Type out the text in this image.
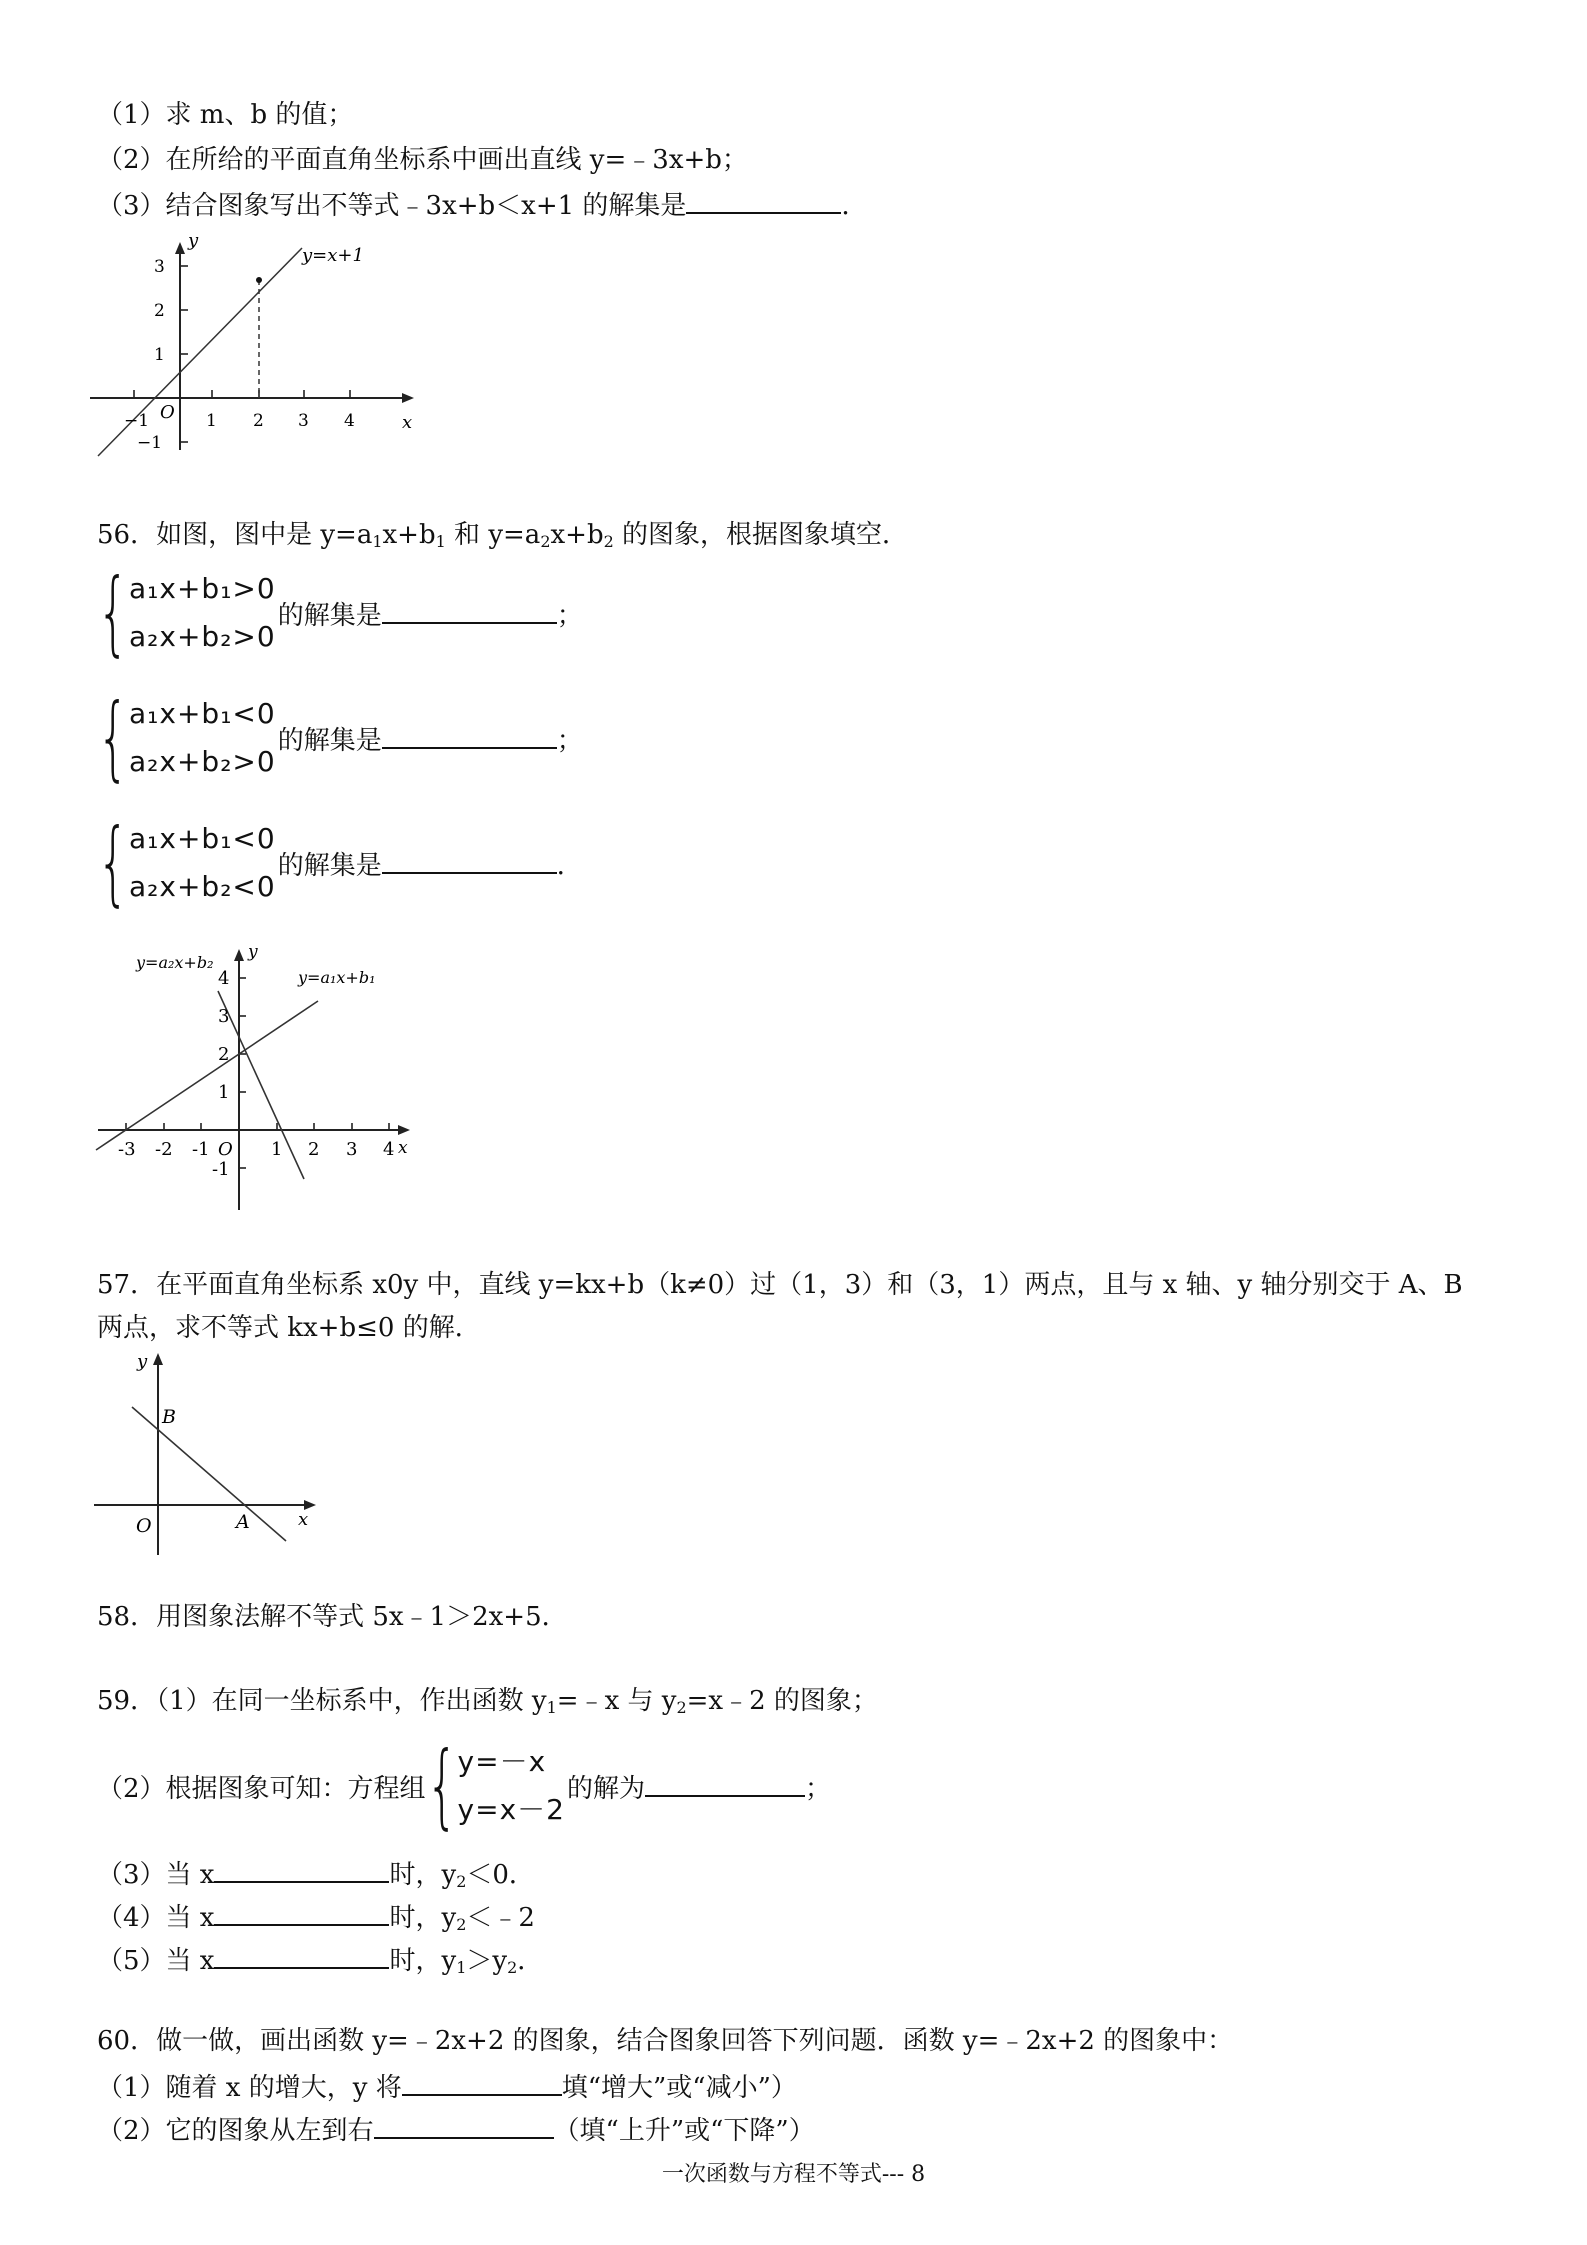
（1）求 m、b 的值；
（2）在所给的平面直角坐标系中画出直线 y=﹣3x+b；
（3）结合图象写出不等式﹣3x+b＜x+1 的解集是	．
y=x+1
y
x
O
−1	1 2 3 4
1
2
3
−1
56．如图，图中是 $y=a_1x+b_1$ 和 $y=a_2x+b_2$ 的图象，根据图象填空．
{ a₁x+b₁>0
a₂x+b₂>0
的解集是	；
{ a₁x+b₁<0
a₂x+b₂>0
的解集是	；
{ a₁x+b₁<0
a₂x+b₂<0
的解集是	．
y=a₂x+b₂
y=a₁x+b₁
y
x
O
-3 -2 -1	1 2 3 4
1
2
3
4
-1
57．在平面直角坐标系 x0y 中，直线 y=kx+b（k≠0）过（1，3）和（3，1）两点，且与 x 轴、y 轴分别交于 A、B
两点，求不等式 kx+b≤0 的解．
y
x
O	A
B
58．用图象法解不等式 5x﹣1＞2x+5．
59．（1）在同一坐标系中，作出函数 $y_1=﹣x$ 与 $y_2=x﹣2$ 的图象；
（2）根据图象可知：方程组 { y=－x
y=x－2
的解为	；
（3）当 x	时，$y_2<0$．
（4）当 x	时，$y_2<﹣2$
（5）当 x	时，$y_1>y_2$．
60．做一做，画出函数 y=﹣2x+2 的图象，结合图象回答下列问题．函数 y=﹣2x+2 的图象中：
（1）随着 x 的增大，y 将	填“增大”或“减小”）
（2）它的图象从左到右	（填“上升”或“下降”）
一次函数与方程不等式--- 8
